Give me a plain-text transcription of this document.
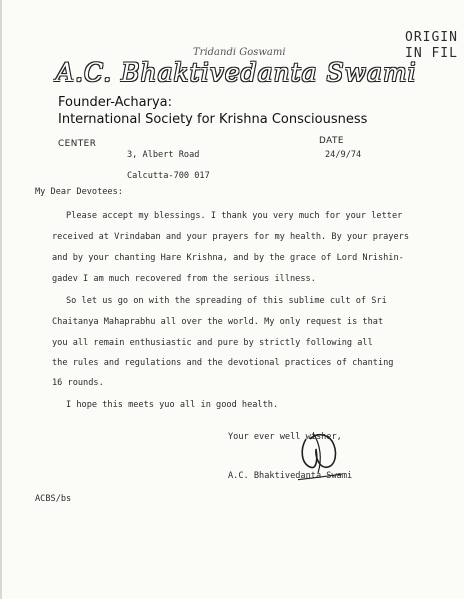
ORIGIN
IN FIL
Tridandi Goswami
A.C. Bhaktivedanta Swami
Founder-Acharya:
International Society for Krishna Consciousness
CENTER
3, Albert Road
Calcutta-700 017
DATE
24/9/74
My Dear Devotees:
Please accept my blessings. I thank you very much for your letter
received at Vrindaban and your prayers for my health. By your prayers
and by your chanting Hare Krishna, and by the grace of Lord Nrishin-
gadev I am much recovered from the serious illness.
So let us go on with the spreading of this sublime cult of Sri
Chaitanya Mahaprabhu all over the world. My only request is that
you all remain enthusiastic and pure by strictly following all
the rules and regulations and the devotional practices of chanting
16 rounds.
I hope this meets yuo all in good health.
Your ever well wisher,
A.C. Bhaktivedanta Swami
ACBS/bs
